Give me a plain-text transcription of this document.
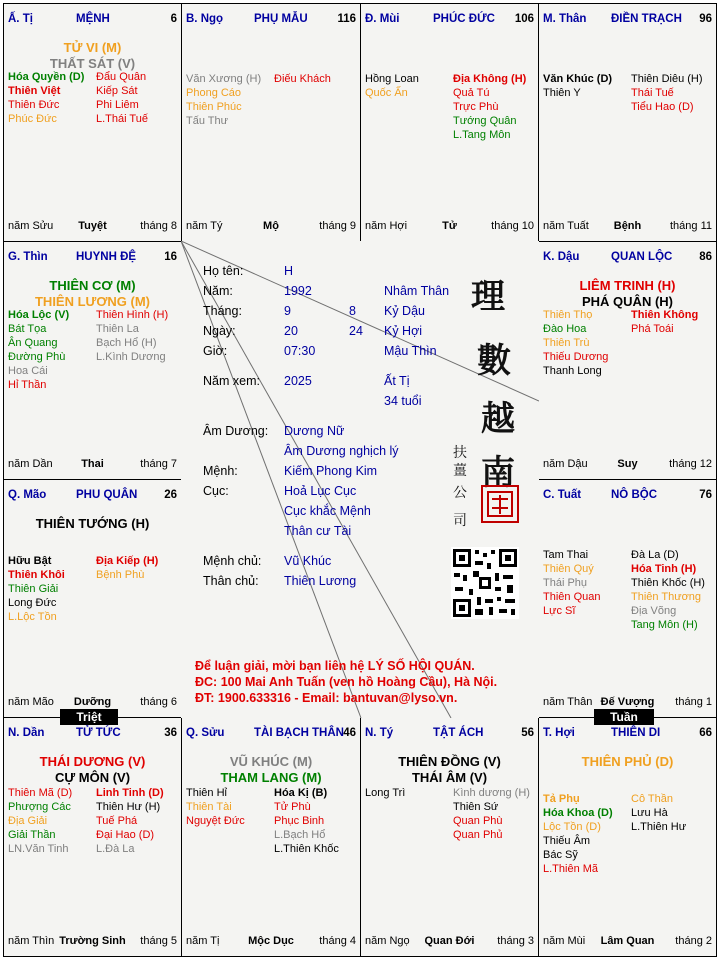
Ấ. Tị	MỆNH	6
TỬ VI (M)
THẤT SÁT (V)
Hóa Quyền (D)
Thiên Việt
Thiên Đức
Phúc Đức
Đẩu Quân
Kiếp Sát
Phi Liêm
L.Thái Tuế
năm Sửu	Tuyệt	tháng 8
B. Ngọ	PHỤ MẪU	116
Văn Xương (H)
Phong Cáo
Thiên Phúc
Tấu Thư
Điếu Khách
năm Tý	Mộ	tháng 9
Đ. Mùi	PHÚC ĐỨC 106
Hồng Loan
Quốc Ấn
Địa Không (H)
Quả Tú
Trực Phù
Tướng Quân
L.Tang Môn
năm Hợi	Tử	tháng 10
M. Thân ĐIỀN TRẠCH 96
Văn Khúc (D)
Thiên Y
Thiên Diêu (H)
Thái Tuế
Tiểu Hao (D)
năm Tuất	Bệnh	tháng 11
G. Thìn HUYNH ĐỆ 16
THIÊN CƠ (M)
THIÊN LƯƠNG (M)
Hóa Lộc (V)
Bát Tọa
Ân Quang
Đường Phù
Hoa Cái
Hỉ Thần
Thiên Hình (H)
Thiên La
Bạch Hổ (H)
L.Kình Dương
năm Dần	Thai	tháng 7
K. Dậu	QUAN LỘC 86
LIÊM TRINH (H)
PHÁ QUÂN (H)
Thiên Thọ
Đào Hoa
Thiên Trù
Thiếu Dương
Thanh Long
Thiên Không
Phá Toái
năm Dậu	Suy	tháng 12
Q. Mão	PHU QUÂN 26
THIÊN TƯỚNG (H)
Hữu Bật
Thiên Khôi
Thiên Giải
Long Đức
L.Lộc Tồn
Địa Kiếp (H)
Bệnh Phù
năm Mão	Dưỡng	tháng 6
C. Tuất	NÔ BỘC	76
Tam Thai
Thiên Quý
Thái Phụ
Thiên Quan
Lực Sĩ
Đà La (D)
Hóa Tinh (H)
Thiên Khốc (H)
Thiên Thương
Địa Võng
Tang Môn (H)
năm Thân Đế Vượng	tháng 1
N. Dần	TỬ TỨC	36
THÁI DƯƠNG (V)
CỰ MÔN (V)
Thiên Mã (D)
Phượng Các
Địa Giải
Giải Thần
LN.Văn Tinh
Linh Tinh (D)
Thiên Hư (H)
Tuế Phá
Đại Hao (D)
L.Đà La
năm Thìn Trường Sinh	tháng 5
Q. Sửu	TÀI BẠCH THÂN 46
VŨ KHÚC (M)
THAM LANG (M)
Thiên Hỉ
Thiên Tài
Nguyệt Đức
Hóa Kị (B)
Tử Phù
Phục Binh
L.Bạch Hổ
L.Thiên Khốc
năm Tị	Mộc Dục	tháng 4
N. Tý	TẬT ÁCH	56
THIÊN ĐỒNG (V)
THÁI ÂM (V)
Long Trì	Kình dương (H)
Thiên Sứ
Quan Phù
Quan Phủ
năm Ngọ	Quan Đới	tháng 3
T. Hợi	THIÊN DI	66
THIÊN PHỦ (D)
Tả Phụ
Hóa Khoa (D)
Lộc Tồn (D)
Thiếu Âm
Bác Sỹ
L.Thiên Mã
Cô Thần
Lưu Hà
L.Thiên Hư
năm Mùi	Lâm Quan	tháng 2
Họ tên:	H
Năm:	1992	Nhâm Thân
Tháng:	9	8 Kỷ Dậu
Ngày:	20	24 Kỷ Hợi
Giờ:	07:30	Mậu Thìn
Năm xem: 2025	Ất Tị
34 tuổi
Âm Dương: Dương Nữ
Âm Dương nghịch lý
Mệnh:	Kiếm Phong Kim
Cục:	Hoả Lục Cục
Cục khắc Mệnh
Thân cư Tài
Mệnh chủ: Vũ Khúc
Thân chủ: Thiên Lương
理
數
越
南
扶
薑
公
司
Để luận giải, mời bạn liên hệ LÝ SỐ HỘI QUÁN.
ĐC: 100 Mai Anh Tuấn (ven hồ Hoàng Cầu), Hà Nội.
ĐT: 1900.633316 - Email: bantuvan@lyso.vn.
Triệt	Tuần
